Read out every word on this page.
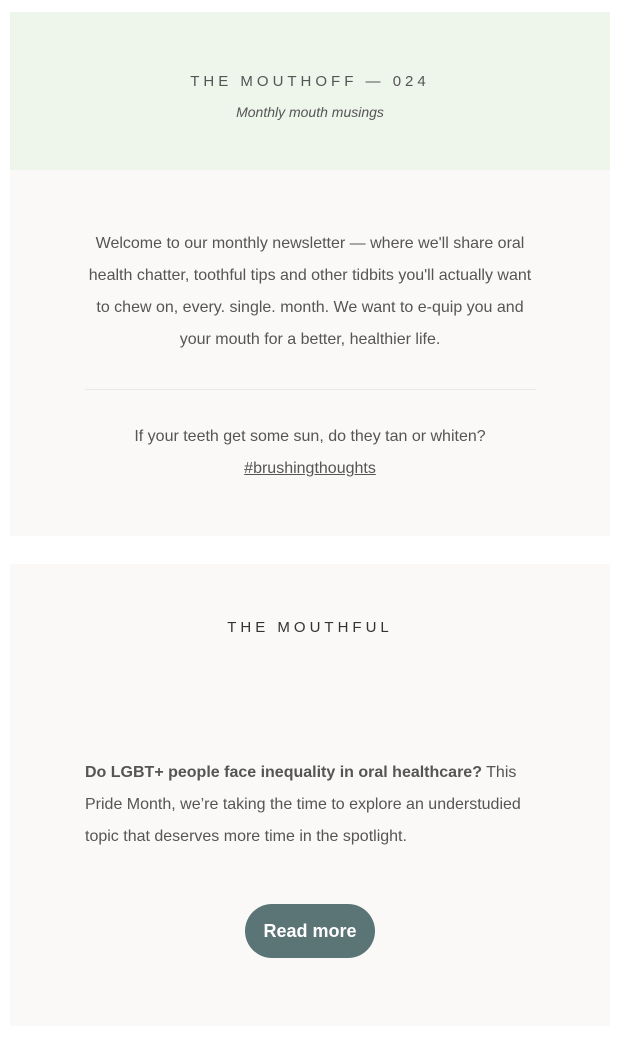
THE MOUTHOFF — 024
Monthly mouth musings

Welcome to our monthly newsletter — where we'll share oral health chatter, toothful tips and other tidbits you'll actually want to chew on, every. single. month. We want to e-quip you and your mouth for a better, healthier life.

If your teeth get some sun, do they tan or whiten?
#brushingthoughts

THE MOUTHFUL

Do LGBT+ people face inequality in oral healthcare? This Pride Month, we’re taking the time to explore an understudied topic that deserves more time in the spotlight.

Read more
